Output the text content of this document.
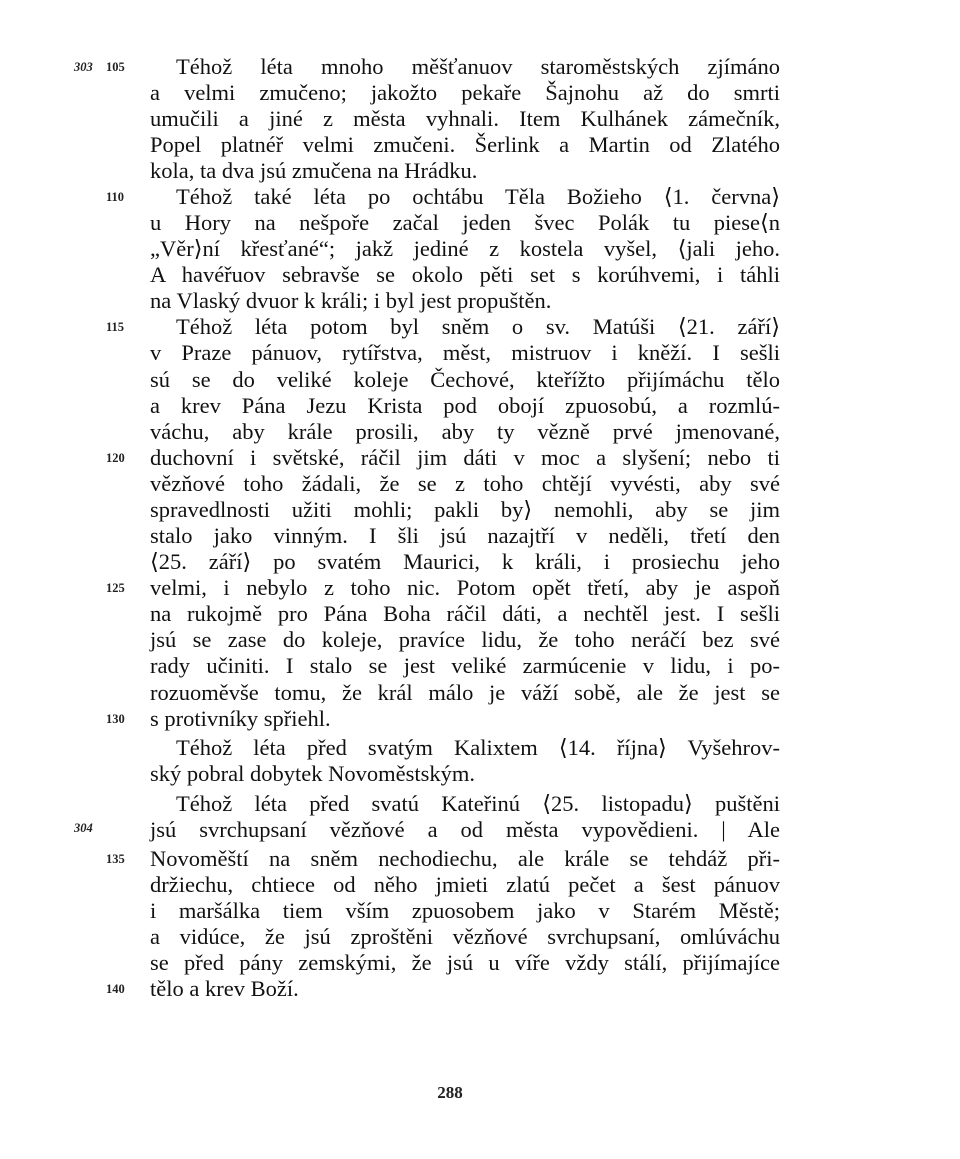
303
304
105
110
115
120
125
130
135
140
Téhož léta mnoho měšťanuov staroměstských zjímáno
a velmi zmučeno; jakožto pekaře Šajnohu až do smrti
umučili a jiné z města vyhnali. Item Kulhánek zámečník,
Popel platnéř velmi zmučeni. Šerlink a Martin od Zlatého
kola, ta dva jsú zmučena na Hrádku.
Téhož také léta po ochtábu Těla Božieho ⟨1. června⟩
u Hory na nešpoře začal jeden švec Polák tu piese⟨n
„Věr⟩ní křesťané“; jakž jediné z kostela vyšel, ⟨jali jeho.
A havéřuov sebravše se okolo pěti set s korúhvemi, i táhli
na Vlaský dvuor k králi; i byl jest propuštěn.
Téhož léta potom byl sněm o sv. Matúši ⟨21. září⟩
v Praze pánuov, rytířstva, měst, mistruov i kněží. I sešli
sú se do veliké koleje Čechové, kteřížto přijímáchu tělo
a krev Pána Jezu Krista pod obojí zpuosobú, a rozmlú-
váchu, aby krále prosili, aby ty vězně prvé jmenované,
duchovní i světské, ráčil jim dáti v moc a slyšení; nebo ti
vězňové toho žádali, že se z toho chtějí vyvésti, aby své
spravedlnosti užiti mohli; pakli by⟩ nemohli, aby se jim
stalo jako vinným. I šli jsú nazajtří v neděli, třetí den
⟨25. září⟩ po svatém Maurici, k králi, i prosiechu jeho
velmi, i nebylo z toho nic. Potom opět třetí, aby je aspoň
na rukojmě pro Pána Boha ráčil dáti, a nechtěl jest. I sešli
jsú se zase do koleje, pravíce lidu, že toho neráčí bez své
rady učiniti. I stalo se jest veliké zarmúcenie v lidu, i po-
rozuoměvše tomu, že král málo je váží sobě, ale že jest se
s protivníky spřiehl.
Téhož léta před svatým Kalixtem ⟨14. října⟩ Vyšehrov-
ský pobral dobytek Novoměstským.
Téhož léta před svatú Kateřinú ⟨25. listopadu⟩ puštěni
jsú svrchupsaní vězňové a od města vypovědieni. | Ale
Novoměští na sněm nechodiechu, ale krále se tehdáž při-
držiechu, chtiece od něho jmieti zlatú pečet a šest pánuov
i maršálka tiem vším zpuosobem jako v Starém Městě;
a vidúce, že jsú zproštěni vězňové svrchupsaní, omlúváchu
se před pány zemskými, že jsú u víře vždy stálí, přijímajíce
tělo a krev Boží.
288
